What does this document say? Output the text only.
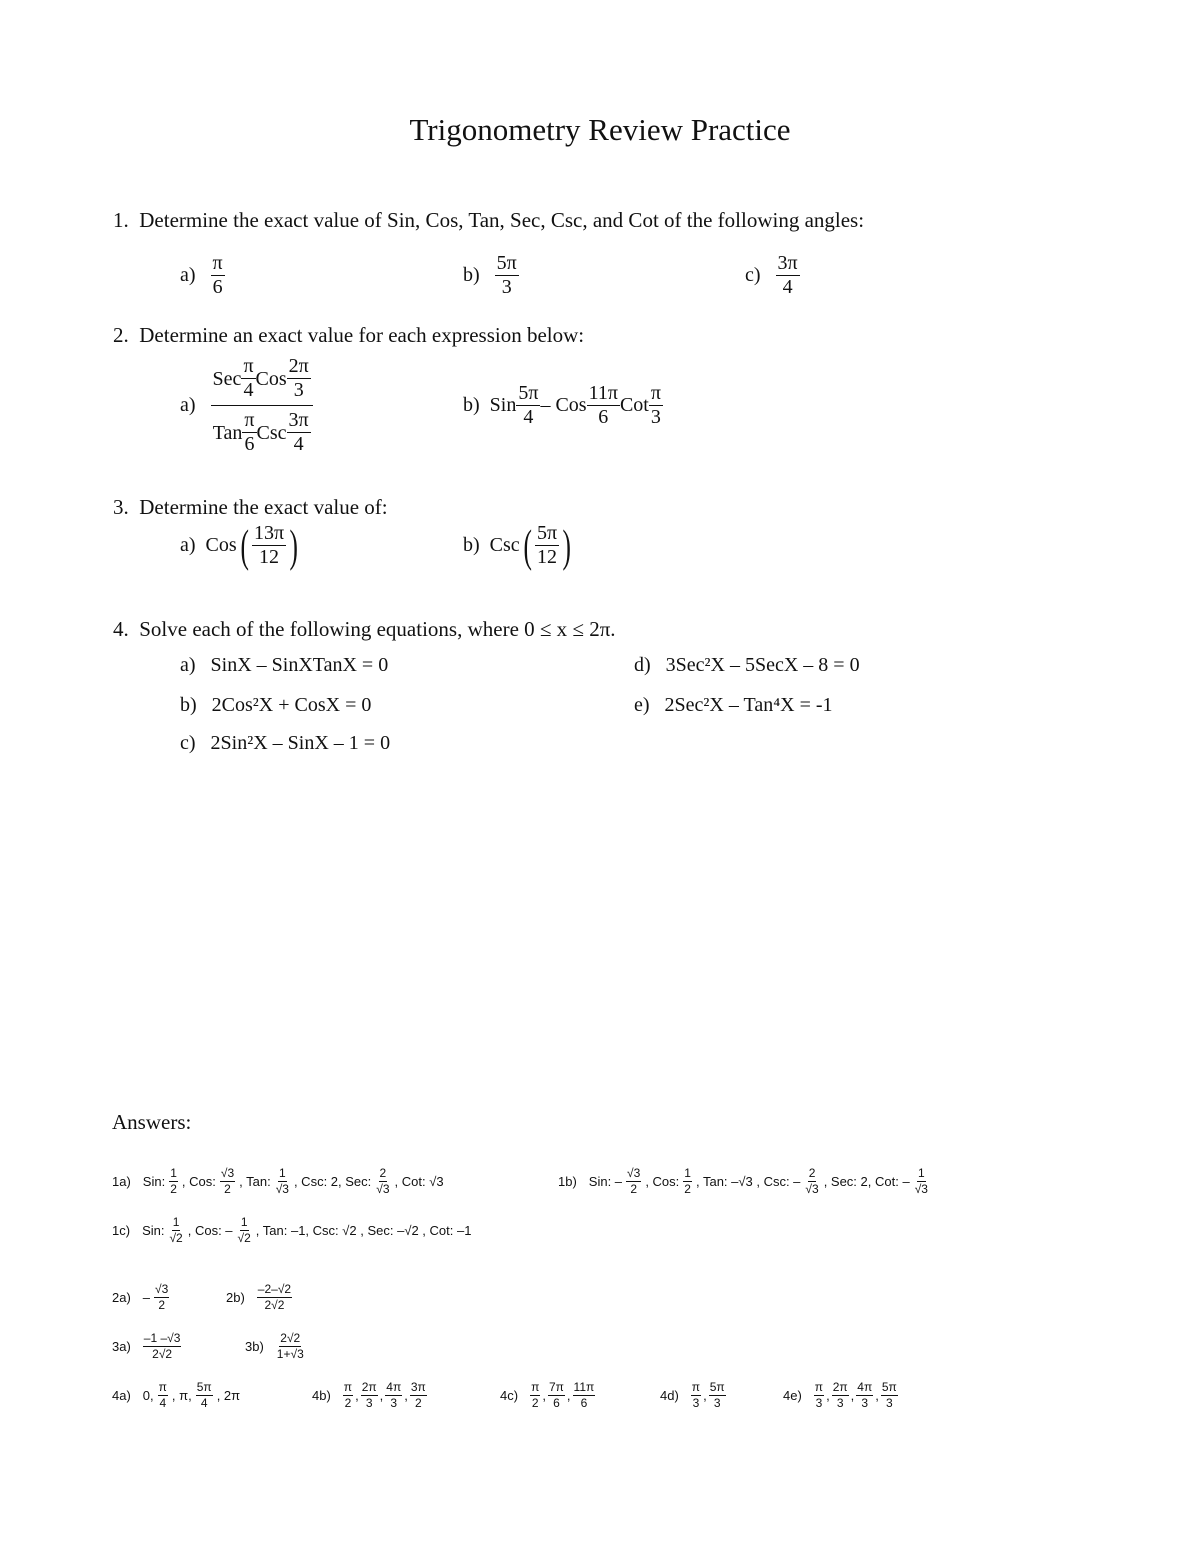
Trigonometry Review Practice
1. Determine the exact value of Sin, Cos, Tan, Sec, Csc, and Cot of the following angles:
a)
$\frac{\pi}{6}$	b)
$\frac{5\pi}{3}$	c)
$\frac{3\pi}{4}$
2. Determine an exact value for each expression below:
a)
$\frac{Sec \frac{\pi}{4} Cos \frac{2\pi}{3}}{Tan \frac{\pi}{6} Csc \frac{3\pi}{4}}$	b)
Sin $\frac{5\pi}{4}$ – Cos $\frac{11\pi}{6}$ Cot $\frac{\pi}{3}$
3. Determine the exact value of:
a)
Cos ( $\frac{13\pi}{12}$ )	b)
Csc ( $\frac{5\pi}{12}$ )
4. Solve each of the following equations, where 0 ≤ x ≤ 2π.
a) SinX – SinXTanX = 0
b) 2Cos²X + CosX = 0
c) 2Sin²X – SinX – 1 = 0
d) 3Sec²X – 5SecX – 8 = 0
e) 2Sec²X – Tan⁴X = -1
Answers:
1a) Sin: $\frac{1}{2}$ , Cos: $\frac{√3}{2}$ , Tan: $\frac{1}{√3}$ , Csc: 2, Sec: $\frac{2}{√3}$ , Cot: √3	1b) Sin: – $\frac{√3}{2}$ , Cos: $\frac{1}{2}$ , Tan: –√3 , Csc: – $\frac{2}{√3}$ , Sec: 2, Cot: – $\frac{1}{√3}$
1c) Sin: $\frac{1}{√2}$ , Cos: – $\frac{1}{√2}$ , Tan: –1, Csc: √2 , Sec: –√2 , Cot: –1
$2a) - \frac{√3}{2}$	$2b) \frac{-2-√2}{2√2}$
$3a) \frac{-1 -√3}{2√2}$	$3b) \frac{2√2}{1+√3}$
4a) 0, $\frac{\pi}{4}$ , π, $\frac{5\pi}{4}$ , 2π	$4b) \frac{\pi}{2}$ , $\frac{2\pi}{3}$ , $\frac{4\pi}{3}$ , $\frac{3\pi}{2}$	$4c) \frac{\pi}{2}$ , $\frac{7\pi}{6}$ , $\frac{11\pi}{6}$	$4d) \frac{\pi}{3}$ , $\frac{5\pi}{3}$	$4e) \frac{\pi}{3}$ , $\frac{2\pi}{3}$ , $\frac{4\pi}{3}$ , $\frac{5\pi}{3}$
